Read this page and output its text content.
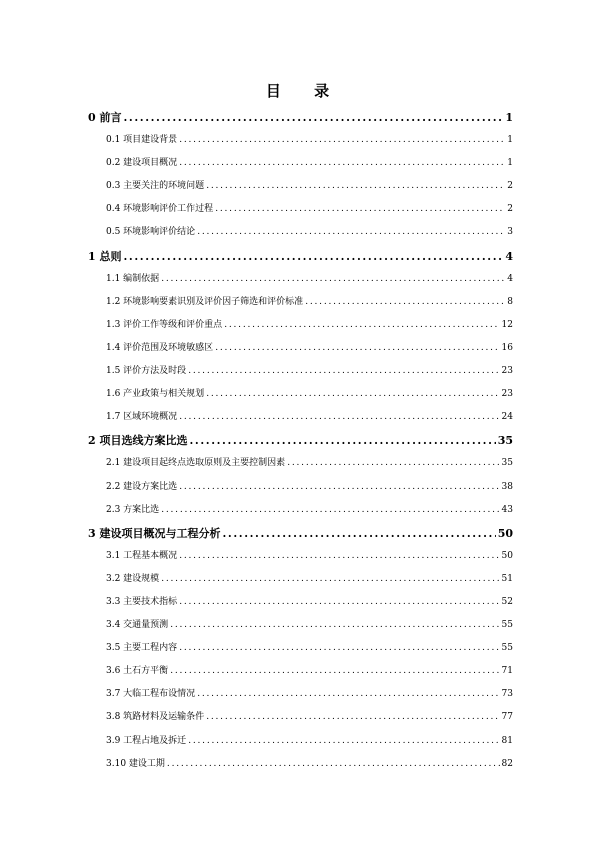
目 录
0 前言 .....	1
0.1 项目建设背景 .....	1
0.2 建设项目概况 .....	1
0.3 主要关注的环境问题 .....	2
0.4 环境影响评价工作过程 .....	2
0.5 环境影响评价结论 .....	3
1 总则 .....	4
1.1 编制依据 .....	4
1.2 环境影响要素识别及评价因子筛选和评价标准 .....	8
1.3 评价工作等级和评价重点 .....	12
1.4 评价范围及环境敏感区 .....	16
1.5 评价方法及时段 .....	23
1.6 产业政策与相关规划 .....	23
1.7 区域环境概况 .....	24
2 项目选线方案比选 .....	35
2.1 建设项目起终点选取原则及主要控制因素 .....	35
2.2 建设方案比选 .....	38
2.3 方案比选 .....	43
3 建设项目概况与工程分析 .....	50
3.1 工程基本概况 .....	50
3.2 建设规模 .....	51
3.3 主要技术指标 .....	52
3.4 交通量预测 .....	55
3.5 主要工程内容 .....	55
3.6 土石方平衡 .....	71
3.7 大临工程布设情况 .....	73
3.8 筑路材料及运输条件 .....	77
3.9 工程占地及拆迁 .....	81
3.10 建设工期 .....	82
